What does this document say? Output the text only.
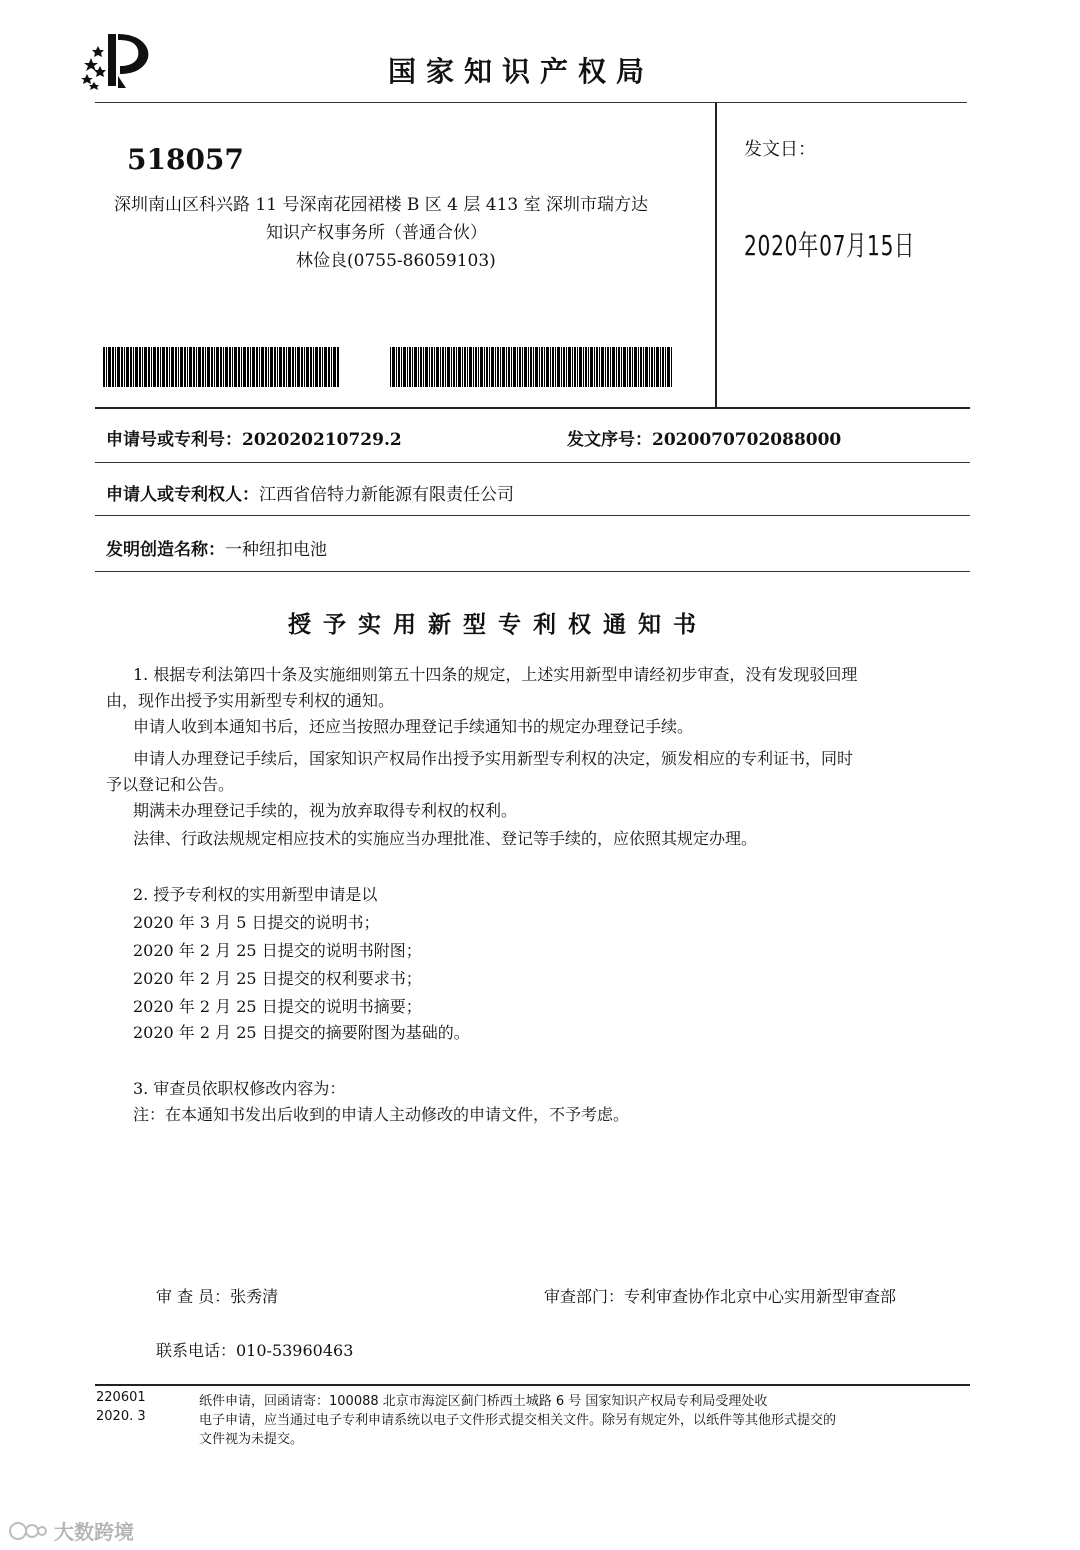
国家知识产权局
518057
深圳南山区科兴路 11 号深南花园裙楼 B 区 4 层 413 室 深圳市瑞方达
知识产权事务所（普通合伙）
林俭良(0755-86059103)
发文日：
2020年07月15日
申请号或专利号：202020210729.2	发文序号：2020070702088000
申请人或专利权人：江西省倍特力新能源有限责任公司
发明创造名称：一种纽扣电池
授予实用新型专利权通知书
1. 根据专利法第四十条及实施细则第五十四条的规定，上述实用新型申请经初步审查，没有发现驳回理
由，现作出授予实用新型专利权的通知。
申请人收到本通知书后，还应当按照办理登记手续通知书的规定办理登记手续。
申请人办理登记手续后，国家知识产权局作出授予实用新型专利权的决定，颁发相应的专利证书，同时
予以登记和公告。
期满未办理登记手续的，视为放弃取得专利权的权利。
法律、行政法规规定相应技术的实施应当办理批准、登记等手续的，应依照其规定办理。
2. 授予专利权的实用新型申请是以
2020 年 3 月 5 日提交的说明书；
2020 年 2 月 25 日提交的说明书附图；
2020 年 2 月 25 日提交的权利要求书；
2020 年 2 月 25 日提交的说明书摘要；
2020 年 2 月 25 日提交的摘要附图为基础的。
3. 审查员依职权修改内容为：
注：在本通知书发出后收到的申请人主动修改的申请文件，不予考虑。
审 查 员：张秀清	审查部门：专利审查协作北京中心实用新型审查部
联系电话：010-53960463
220601
2020. 3
纸件申请，回函请寄：100088 北京市海淀区蓟门桥西土城路 6 号 国家知识产权局专利局受理处收
电子申请，应当通过电子专利申请系统以电子文件形式提交相关文件。除另有规定外，以纸件等其他形式提交的
文件视为未提交。
大数跨境
